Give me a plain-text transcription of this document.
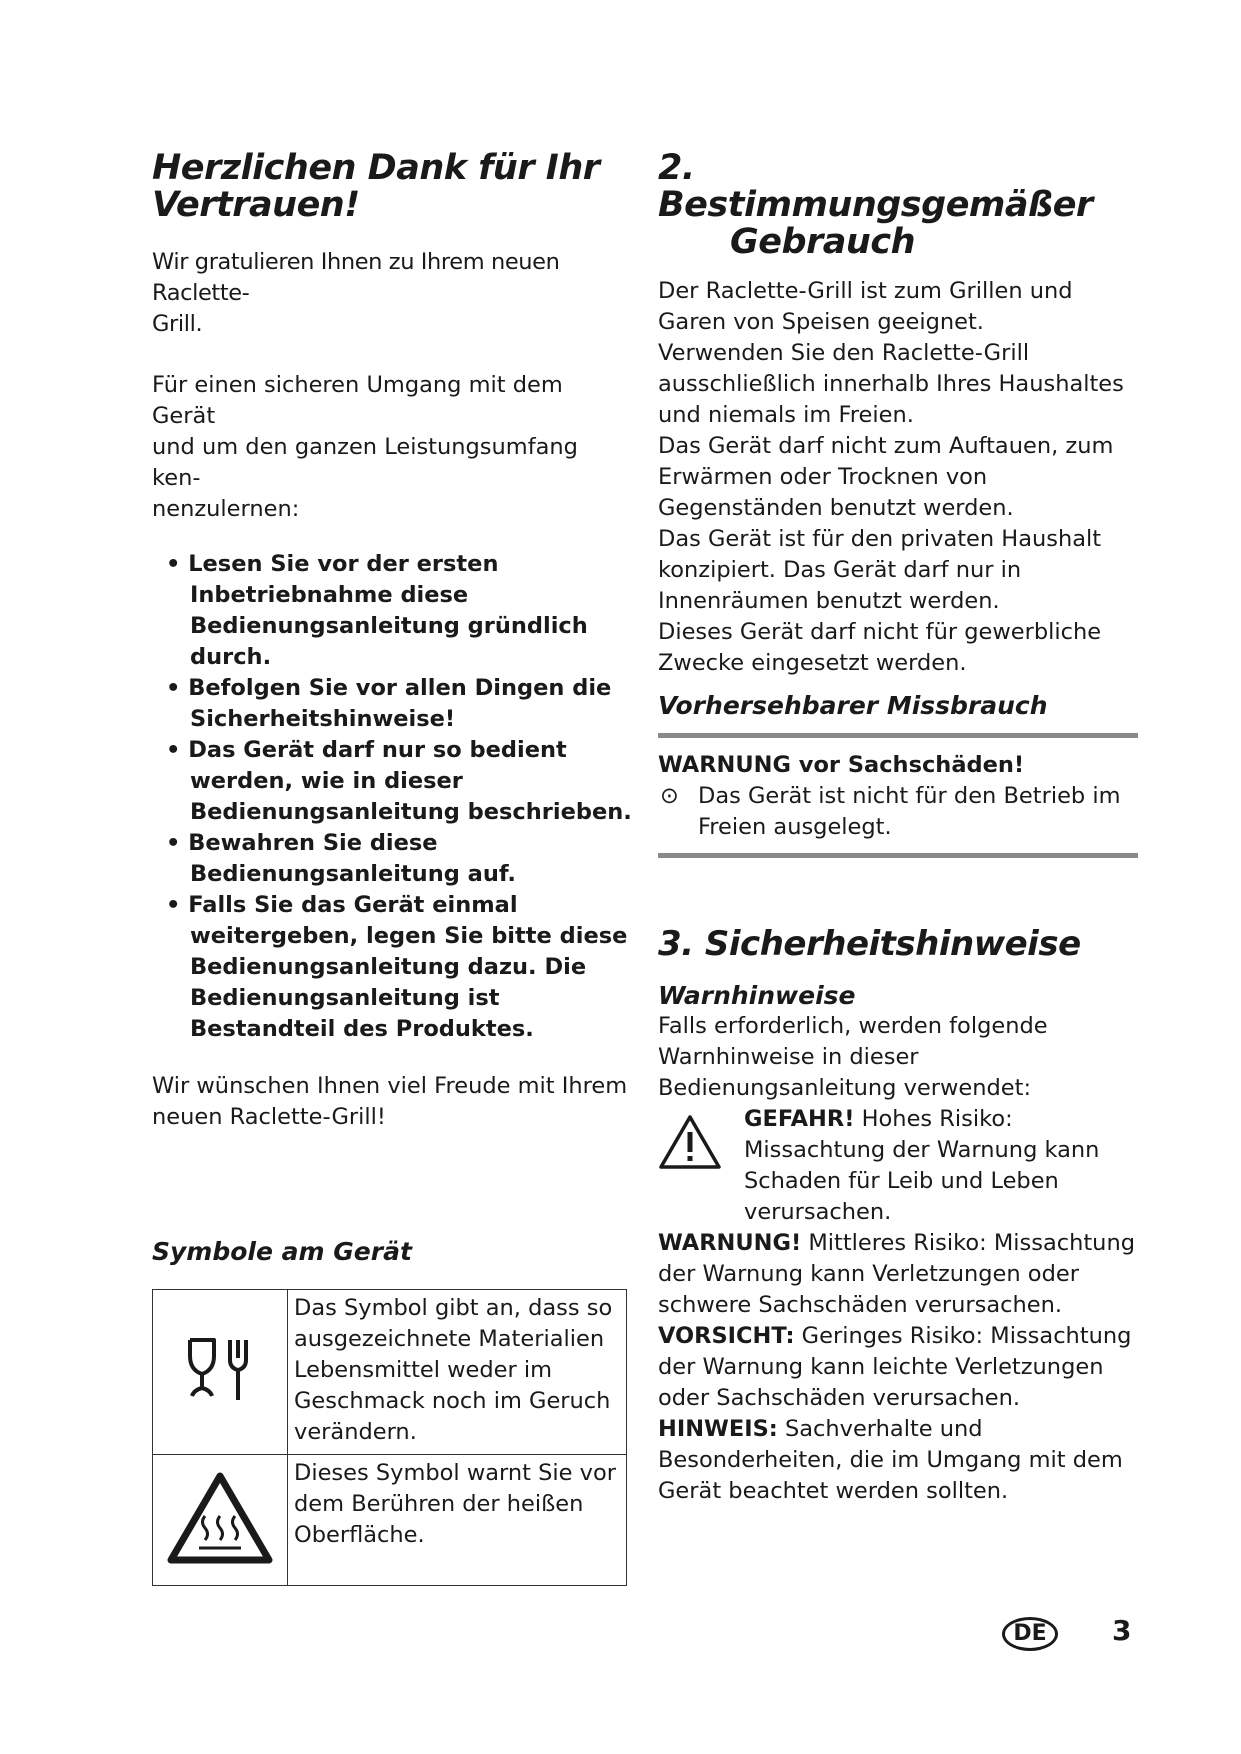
Herzlichen Dank für Ihr
Vertrauen!

Wir gratulieren Ihnen zu Ihrem neuen Raclette-
Grill.

Für einen sicheren Umgang mit dem Gerät
und um den ganzen Leistungsumfang ken-
nenzulernen:

• Lesen Sie vor der ersten Inbetriebnahme diese Bedienungsanleitung gründlich durch.
• Befolgen Sie vor allen Dingen die Sicherheitshinweise!
• Das Gerät darf nur so bedient werden, wie in dieser Bedienungsanleitung beschrieben.
• Bewahren Sie diese Bedienungsanleitung auf.
• Falls Sie das Gerät einmal weitergeben, legen Sie bitte diese Bedienungsanleitung dazu. Die Bedienungsanleitung ist Bestandteil des Produktes.

Wir wünschen Ihnen viel Freude mit Ihrem
neuen Raclette-Grill!

Symbole am Gerät
	Das Symbol gibt an, dass so ausgezeichnete Materialien Lebensmittel weder im Geschmack noch im Geruch verändern.
	Dieses Symbol warnt Sie vor dem Berühren der heißen Oberfläche.
2. Bestimmungsgemäßer
Gebrauch

Der Raclette-Grill ist zum Grillen und Garen von Speisen geeignet.

Verwenden Sie den Raclette-Grill ausschließlich innerhalb Ihres Haushaltes und niemals im Freien.

Das Gerät darf nicht zum Auftauen, zum Erwärmen oder Trocknen von Gegenständen benutzt werden.

Das Gerät ist für den privaten Haushalt konzipiert. Das Gerät darf nur in Innenräumen benutzt werden.

Dieses Gerät darf nicht für gewerbliche Zwecke eingesetzt werden.

Vorhersehbarer Missbrauch
WARNUNG vor Sachschäden!
⊙ Das Gerät ist nicht für den Betrieb im Freien ausgelegt.
3. Sicherheitshinweise
Warnhinweise

Falls erforderlich, werden folgende Warnhinweise in dieser Bedienungsanleitung verwendet:

GEFAHR! Hohes Risiko: Missachtung der Warnung kann Schaden für Leib und Leben verursachen.

WARNUNG! Mittleres Risiko: Missachtung der Warnung kann Verletzungen oder schwere Sachschäden verursachen.

VORSICHT: Geringes Risiko: Missachtung der Warnung kann leichte Verletzungen oder Sachschäden verursachen.

HINWEIS: Sachverhalte und Besonderheiten, die im Umgang mit dem Gerät beachtet werden sollten.

DE	3
